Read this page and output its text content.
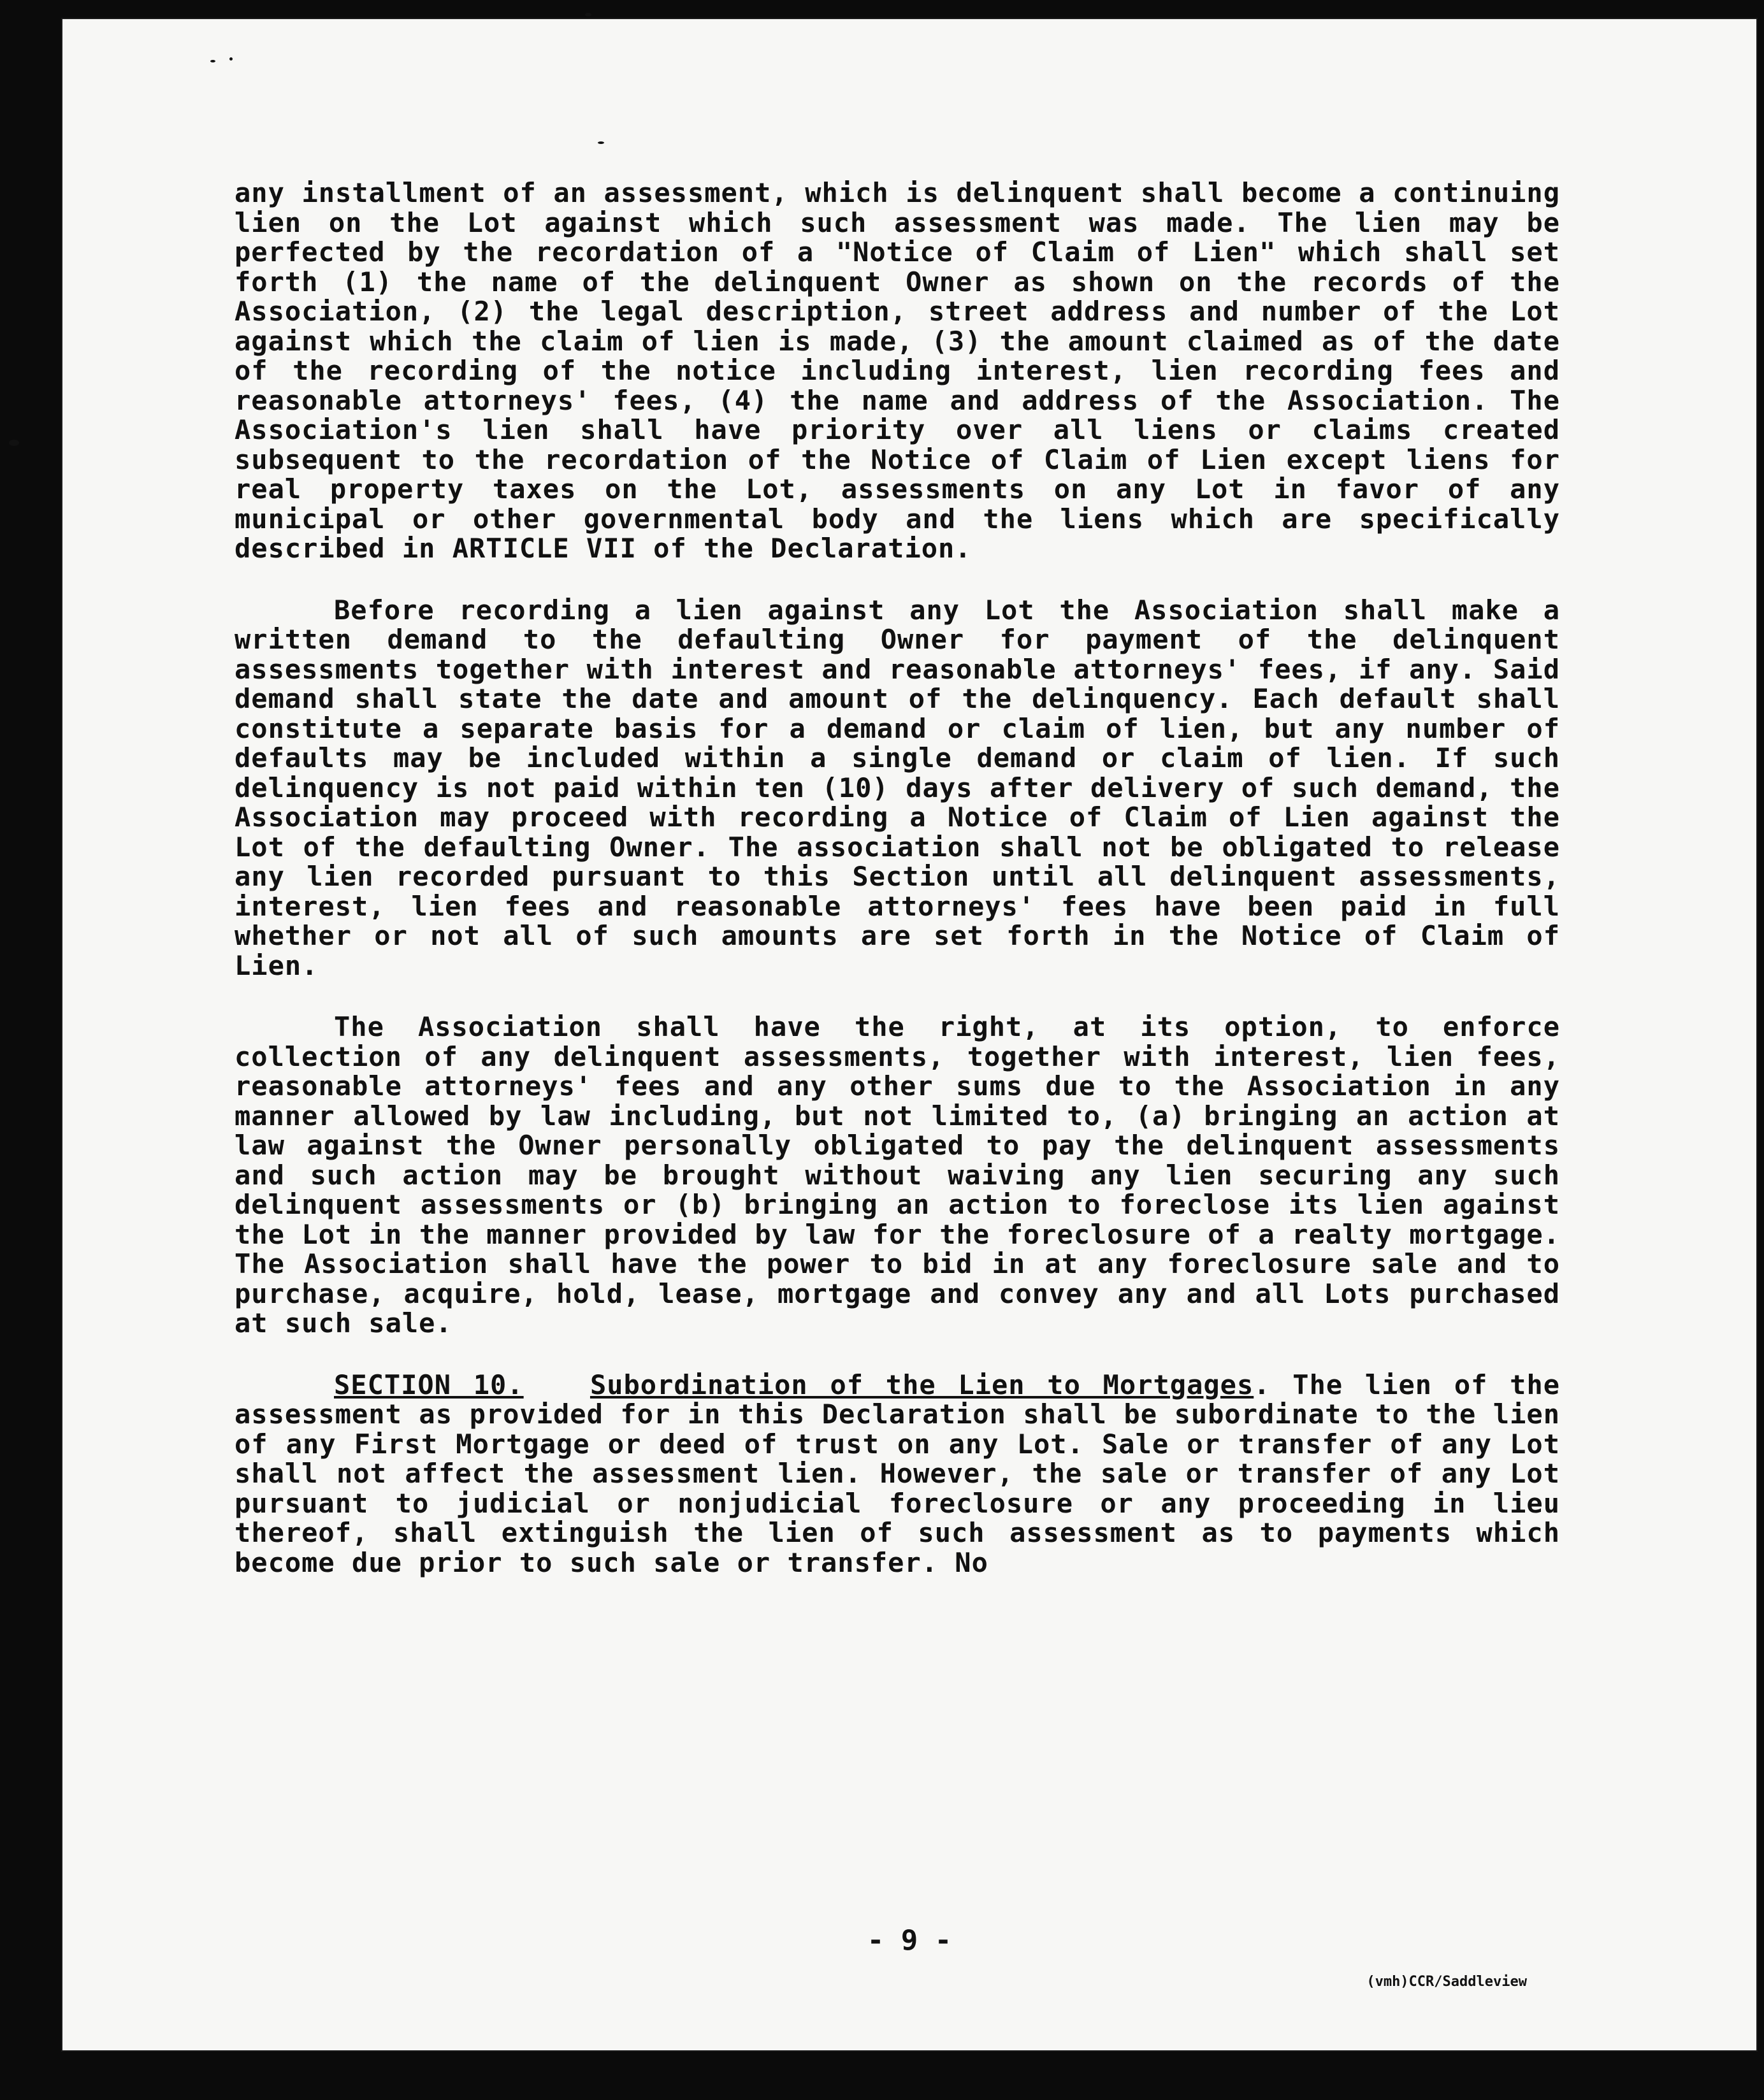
any installment of an assessment, which is delinquent shall become a continuing lien on the Lot against which such assessment was made. The lien may be perfected by the recordation of a "Notice of Claim of Lien" which shall set forth (1) the name of the delinquent Owner as shown on the records of the Association, (2) the legal description, street address and number of the Lot against which the claim of lien is made, (3) the amount claimed as of the date of the recording of the notice including interest, lien recording fees and reasonable attorneys' fees, (4) the name and address of the Association. The Association's lien shall have priority over all liens or claims created subsequent to the recordation of the Notice of Claim of Lien except liens for real property taxes on the Lot, assessments on any Lot in favor of any municipal or other governmental body and the liens which are specifically described in ARTICLE VII of the Declaration.

Before recording a lien against any Lot the Association shall make a written demand to the defaulting Owner for payment of the delinquent assessments together with interest and reasonable attorneys' fees, if any. Said demand shall state the date and amount of the delinquency. Each default shall constitute a separate basis for a demand or claim of lien, but any number of defaults may be included within a single demand or claim of lien. If such delinquency is not paid within ten (10) days after delivery of such demand, the Association may proceed with recording a Notice of Claim of Lien against the Lot of the defaulting Owner. The association shall not be obligated to release any lien recorded pursuant to this Section until all delinquent assessments, interest, lien fees and reasonable attorneys' fees have been paid in full whether or not all of such amounts are set forth in the Notice of Claim of Lien.

The Association shall have the right, at its option, to enforce collection of any delinquent assessments, together with interest, lien fees, reasonable attorneys' fees and any other sums due to the Association in any manner allowed by law including, but not limited to, (a) bringing an action at law against the Owner personally obligated to pay the delinquent assessments and such action may be brought without waiving any lien securing any such delinquent assessments or (b) bringing an action to foreclose its lien against the Lot in the manner provided by law for the foreclosure of a realty mortgage. The Association shall have the power to bid in at any foreclosure sale and to purchase, acquire, hold, lease, mortgage and convey any and all Lots purchased at such sale.

SECTION 10. Subordination of the Lien to Mortgages. The lien of the assessment as provided for in this Declaration shall be subordinate to the lien of any First Mortgage or deed of trust on any Lot. Sale or transfer of any Lot shall not affect the assessment lien. However, the sale or transfer of any Lot pursuant to judicial or nonjudicial foreclosure or any proceeding in lieu thereof, shall extinguish the lien of such assessment as to payments which become due prior to such sale or transfer. No

- 9 -
(vmh)CCR/Saddleview
